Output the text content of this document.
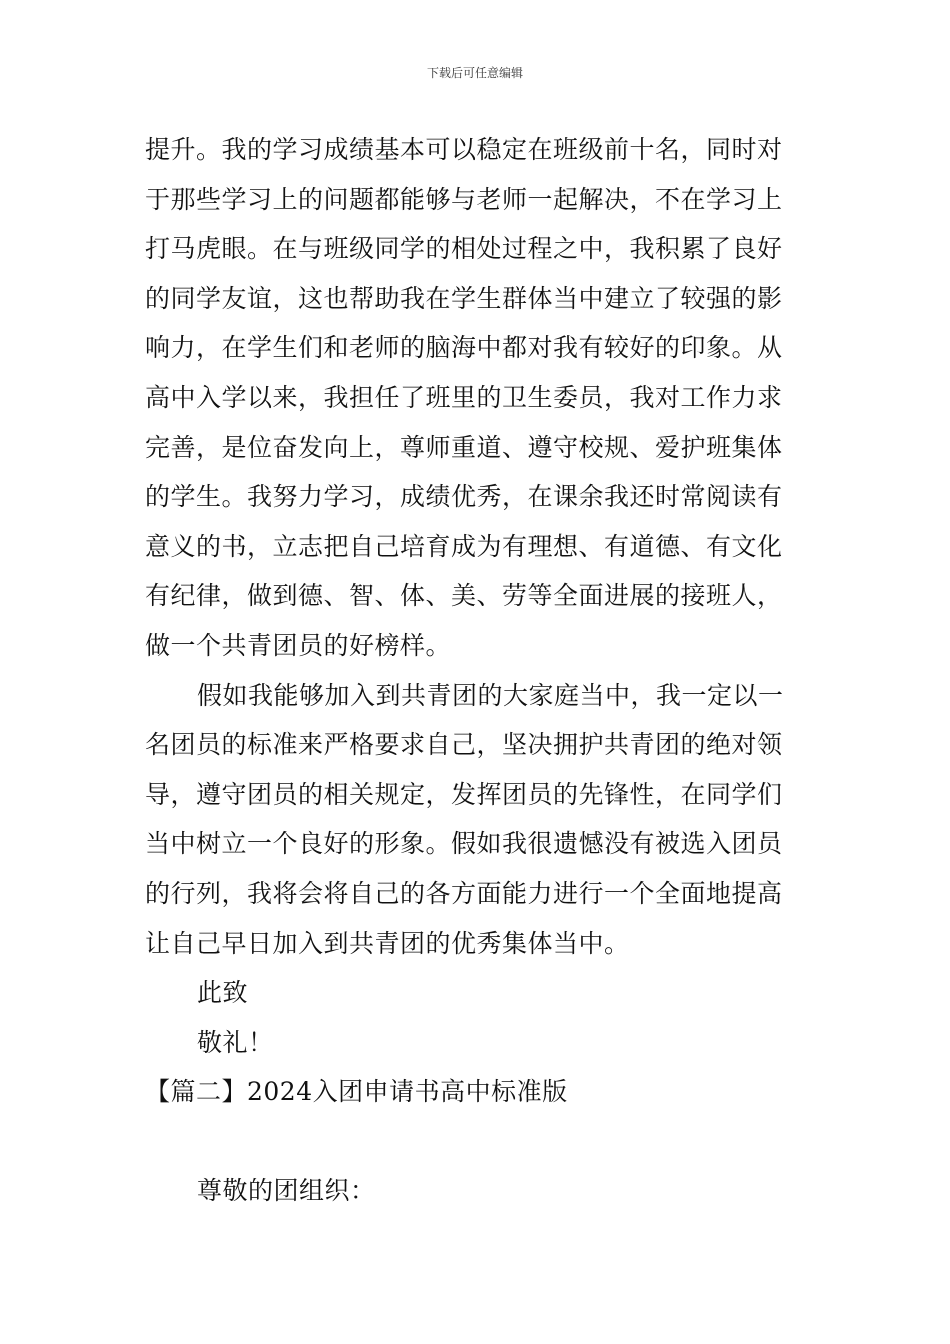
下载后可任意编辑
提升。我的学习成绩基本可以稳定在班级前十名，同时对
于那些学习上的问题都能够与老师一起解决，不在学习上
打马虎眼。在与班级同学的相处过程之中，我积累了良好
的同学友谊，这也帮助我在学生群体当中建立了较强的影
响力，在学生们和老师的脑海中都对我有较好的印象。从
高中入学以来，我担任了班里的卫生委员，我对工作力求
完善，是位奋发向上，尊师重道、遵守校规、爱护班集体
的学生。我努力学习，成绩优秀，在课余我还时常阅读有
意义的书，立志把自己培育成为有理想、有道德、有文化
有纪律，做到德、智、体、美、劳等全面进展的接班人，
做一个共青团员的好榜样。
假如我能够加入到共青团的大家庭当中，我一定以一
名团员的标准来严格要求自己，坚决拥护共青团的绝对领
导，遵守团员的相关规定，发挥团员的先锋性，在同学们
当中树立一个良好的形象。假如我很遗憾没有被选入团员
的行列，我将会将自己的各方面能力进行一个全面地提高
让自己早日加入到共青团的优秀集体当中。
此致
敬礼！
【篇二】2024入团申请书高中标准版
尊敬的团组织：
